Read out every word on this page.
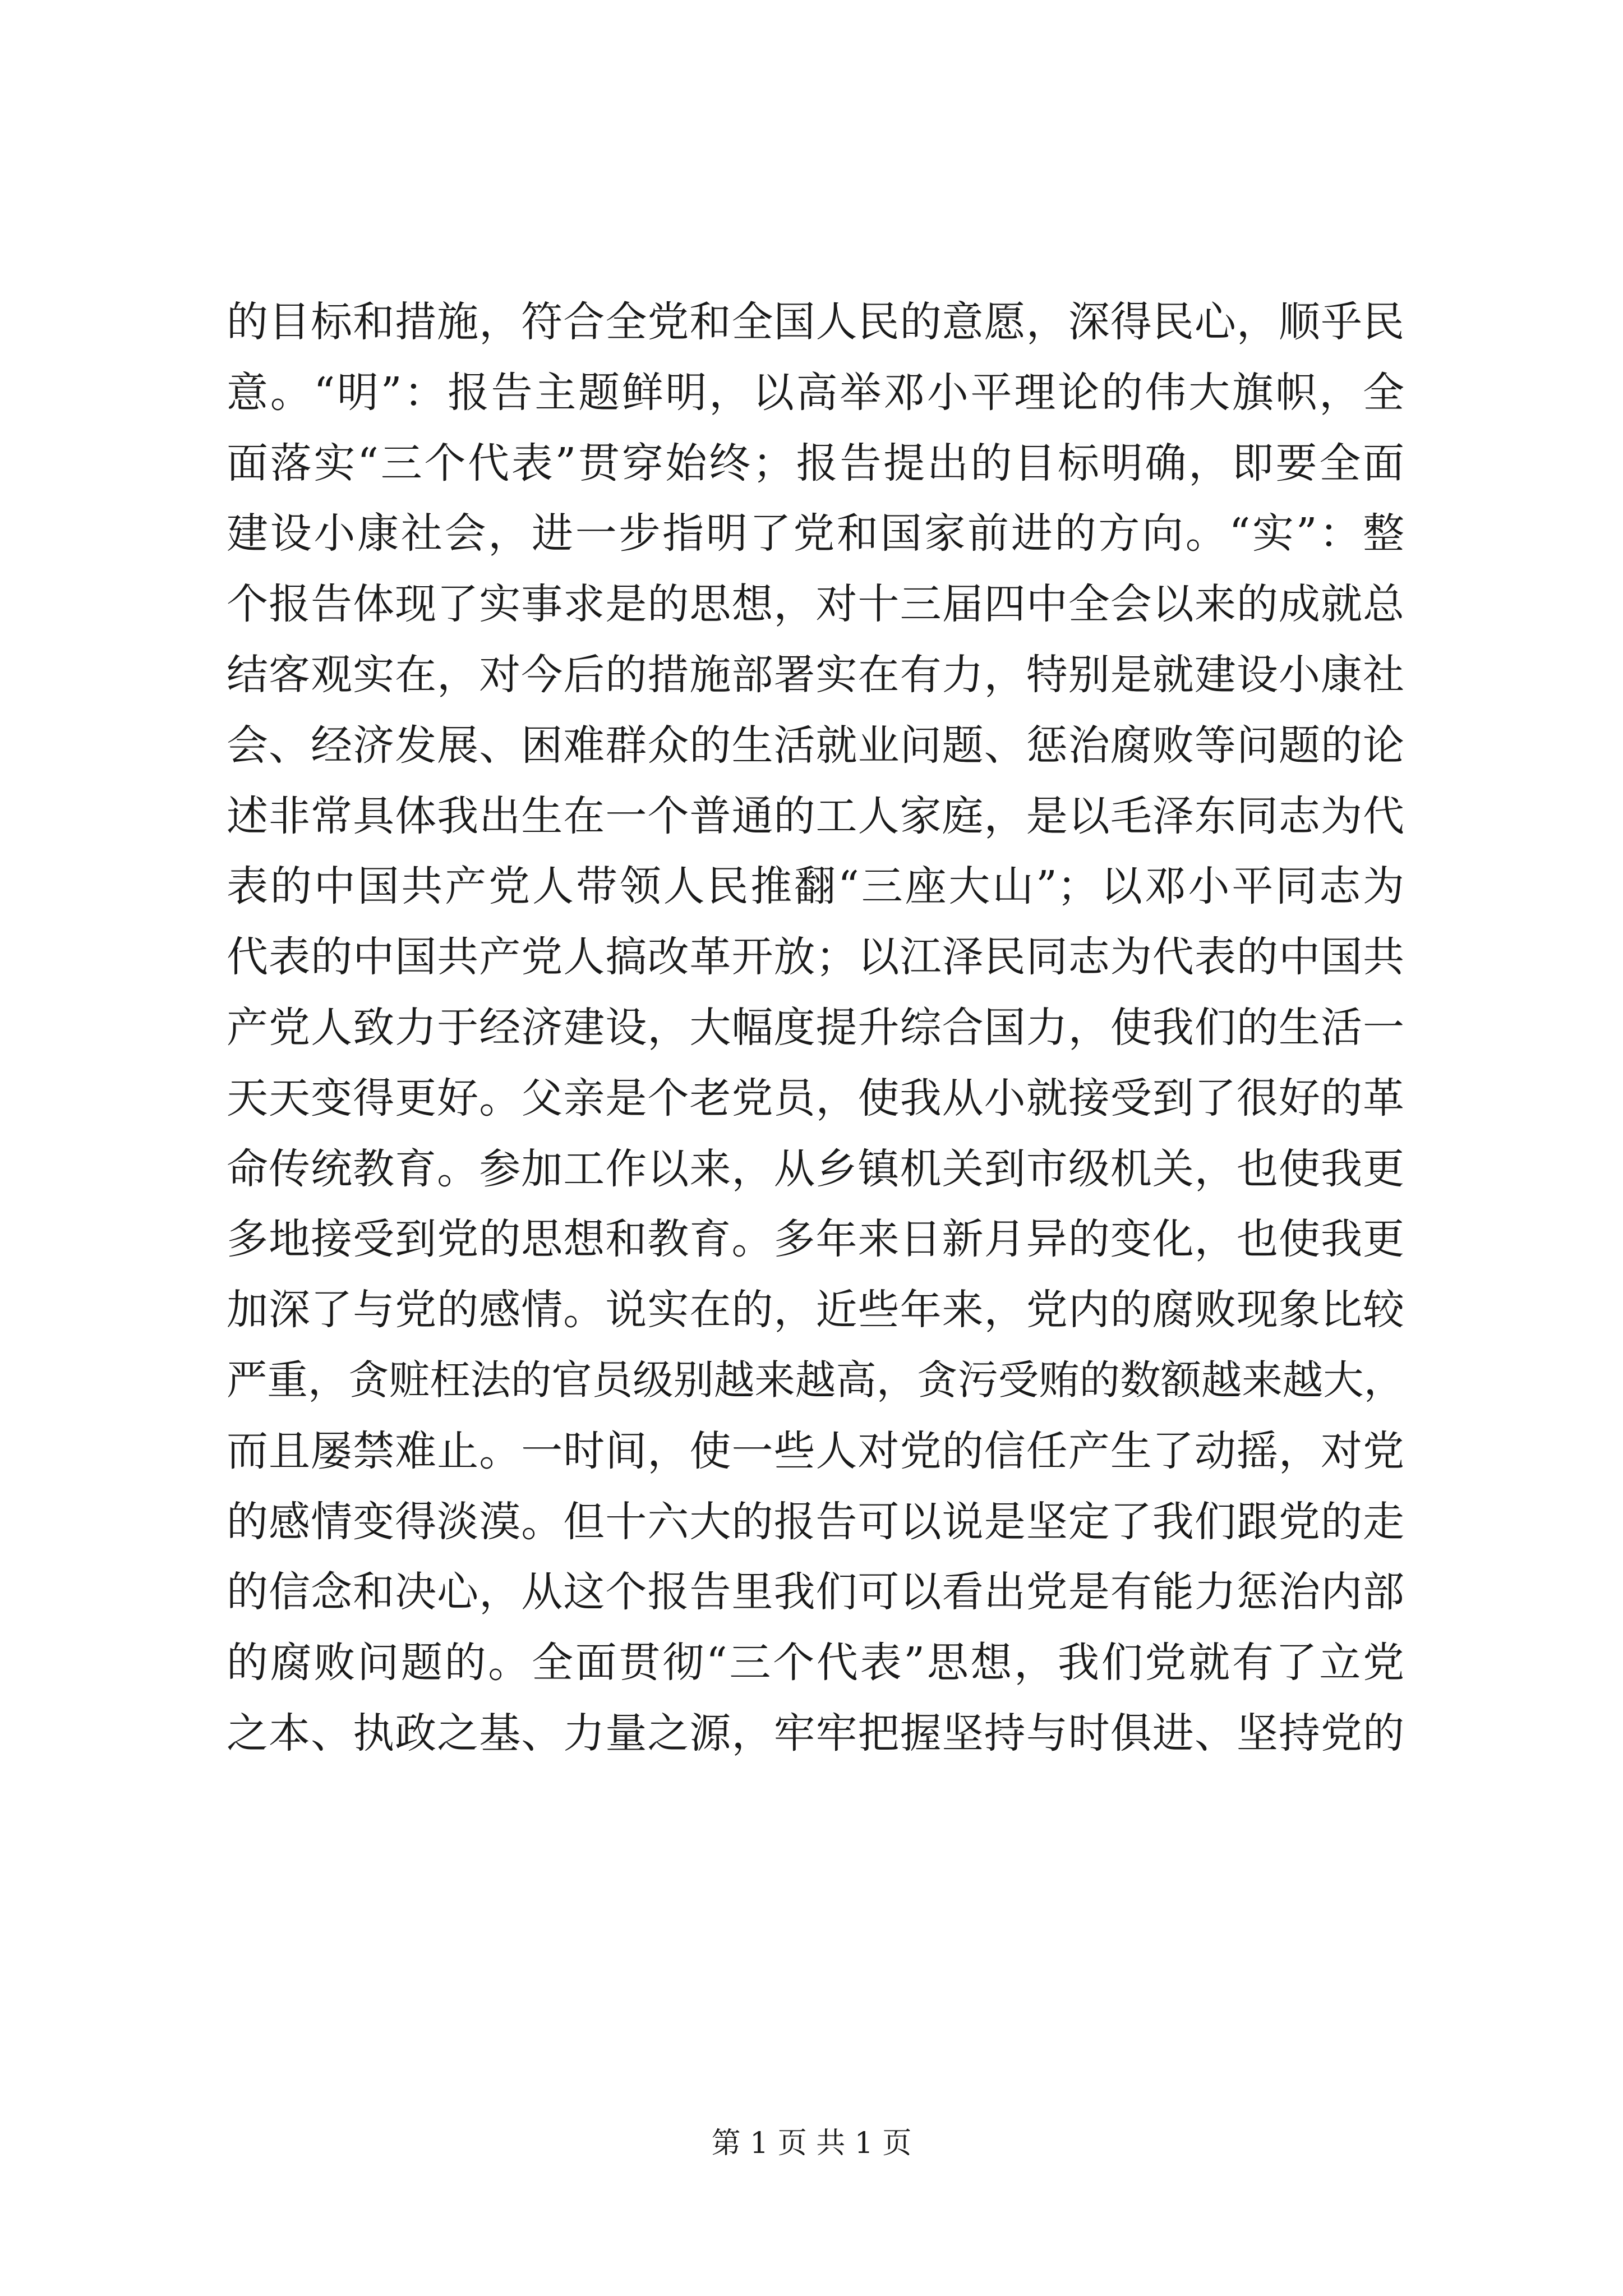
的目标和措施，符合全党和全国人民的意愿，深得民心，顺乎民
意。“明”：报告主题鲜明，以高举邓小平理论的伟大旗帜，全
面落实“三个代表”贯穿始终；报告提出的目标明确，即要全面
建设小康社会，进一步指明了党和国家前进的方向。“实”：整
个报告体现了实事求是的思想，对十三届四中全会以来的成就总
结客观实在，对今后的措施部署实在有力，特别是就建设小康社
会、经济发展、困难群众的生活就业问题、惩治腐败等问题的论
述非常具体我出生在一个普通的工人家庭，是以毛泽东同志为代
表的中国共产党人带领人民推翻“三座大山”；以邓小平同志为
代表的中国共产党人搞改革开放；以江泽民同志为代表的中国共
产党人致力于经济建设，大幅度提升综合国力，使我们的生活一
天天变得更好。父亲是个老党员，使我从小就接受到了很好的革
命传统教育。参加工作以来，从乡镇机关到市级机关，也使我更
多地接受到党的思想和教育。多年来日新月异的变化，也使我更
加深了与党的感情。说实在的，近些年来，党内的腐败现象比较
严重，贪赃枉法的官员级别越来越高，贪污受贿的数额越来越大，
而且屡禁难止。一时间，使一些人对党的信任产生了动摇，对党
的感情变得淡漠。但十六大的报告可以说是坚定了我们跟党的走
的信念和决心，从这个报告里我们可以看出党是有能力惩治内部
的腐败问题的。全面贯彻“三个代表”思想，我们党就有了立党
之本、执政之基、力量之源，牢牢把握坚持与时俱进、坚持党的
第 1 页 共 1 页
